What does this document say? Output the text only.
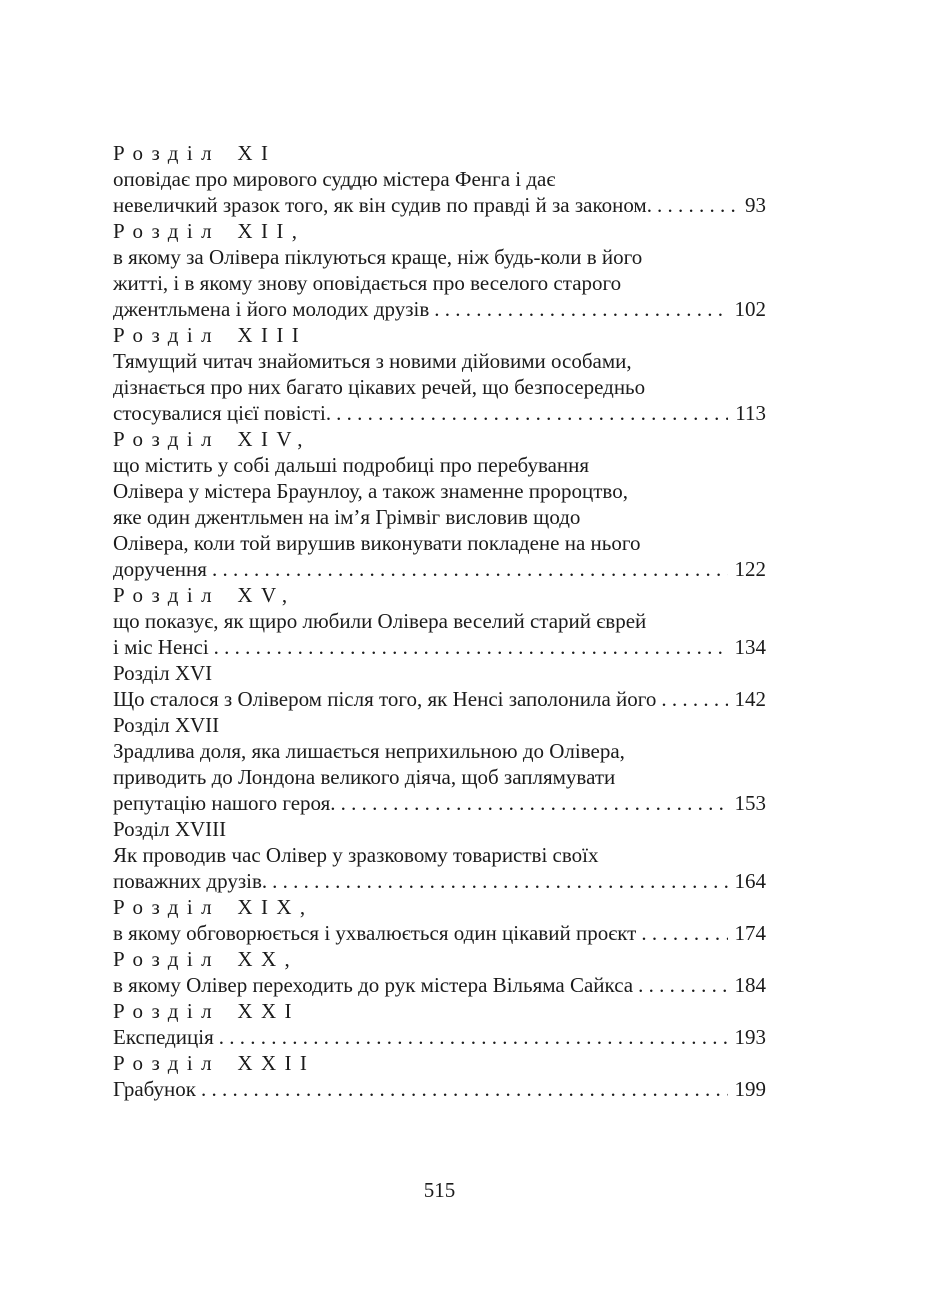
Розділ XI
оповідає про мирового суддю містера Фенга і дає
невеличкий зразок того, як він судив по правді й за законом. . . .	93
Розділ XII,
в якому за Олівера піклуються краще, ніж будь-коли в його
житті, і в якому знову оповідається про веселого старого
джентльмена і його молодих друзів . . .	102
Розділ XIII
Тямущий читач знайомиться з новими дійовими особами,
дізнається про них багато цікавих речей, що безпосередньо
стосувалися цієї повісті. . . .	113
Розділ XIV,
що містить у собі дальші подробиці про перебування
Олівера у містера Браунлоу, а також знаменне пророцтво,
яке один джентльмен на ім’я Грімвіг висловив щодо
Олівера, коли той вирушив виконувати покладене на нього
доручення . . .	122
Розділ XV,
що показує, як щиро любили Олівера веселий старий єврей
і міс Ненсі . . .	134
Розділ XVI
Що сталося з Олівером після того, як Ненсі заполонила його . . .	142
Розділ XVII
Зрадлива доля, яка лишається неприхильною до Олівера,
приводить до Лондона великого діяча, щоб заплямувати
репутацію нашого героя. . . .	153
Розділ XVIII
Як проводив час Олівер у зразковому товаристві своїх
поважних друзів. . . .	164
Розділ XIX,
в якому обговорюється і ухвалюється один цікавий проєкт . . .	174
Розділ XX,
в якому Олівер переходить до рук містера Вільяма Сайкса . . .	184
Розділ XXI
Експедиція . . .	193
Розділ XXII
Грабунок . . .	199
515
